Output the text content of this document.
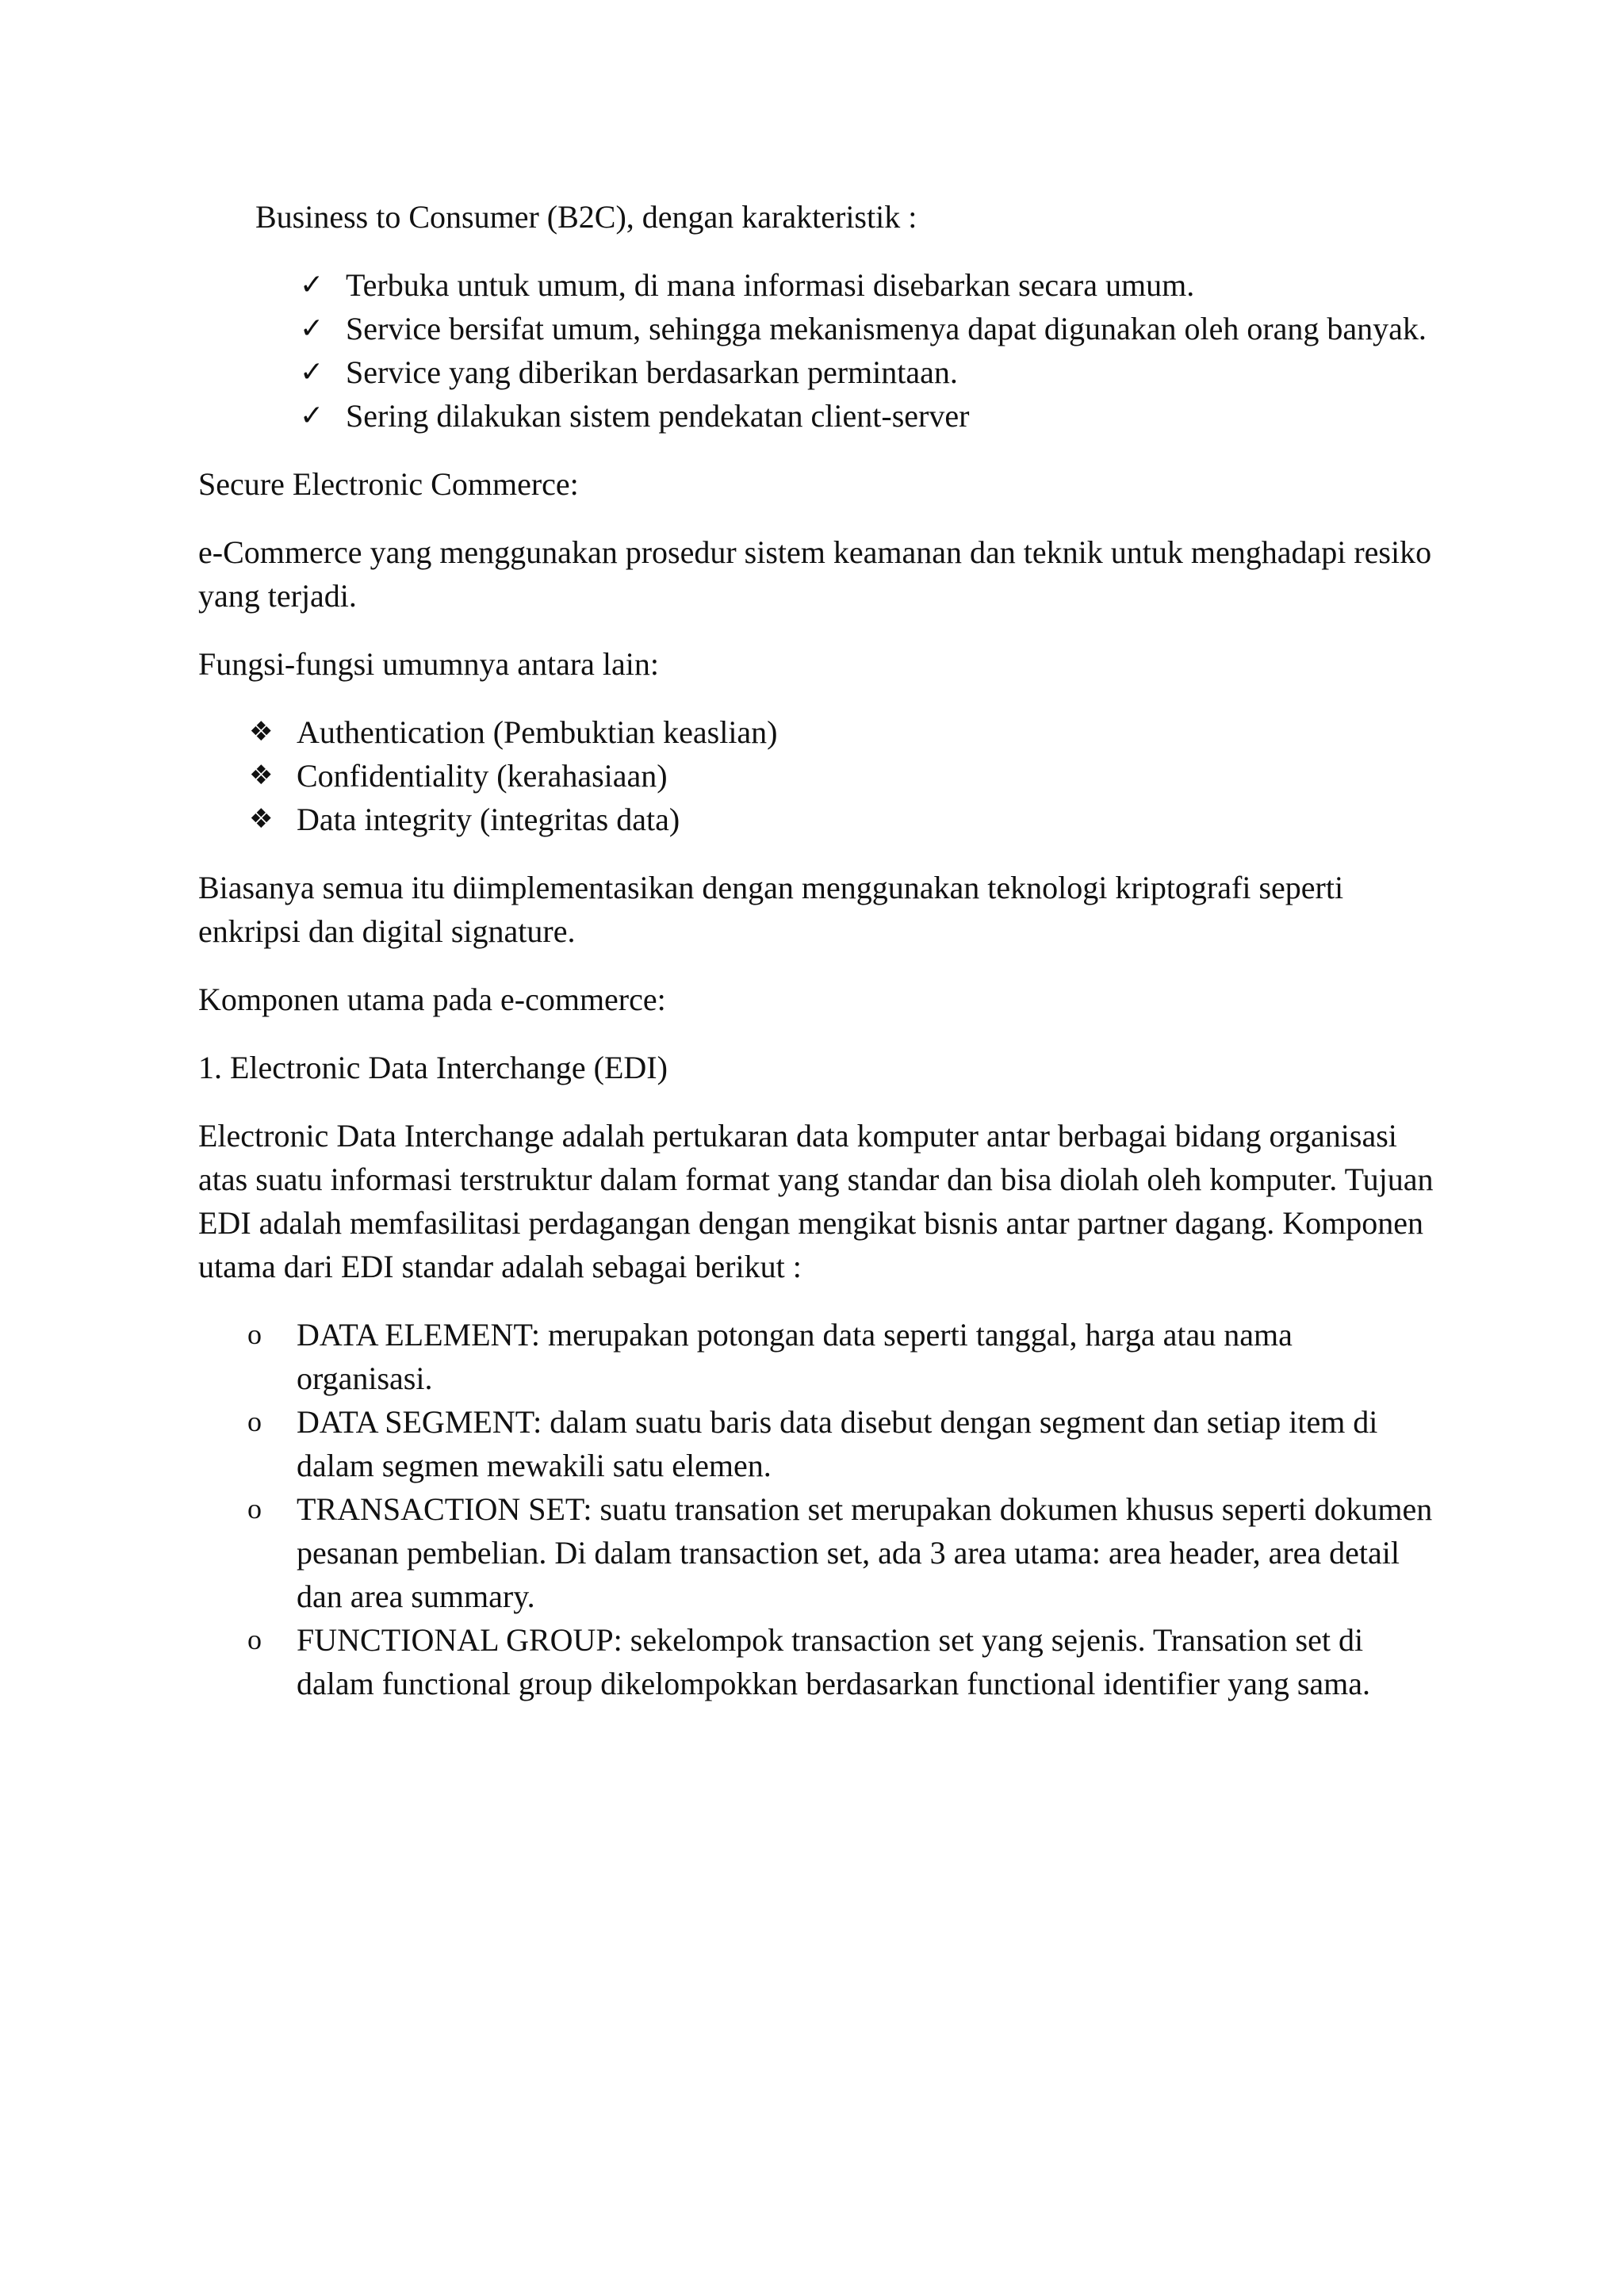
Business to Consumer (B2C), dengan karakteristik :

✓ Terbuka untuk umum, di mana informasi disebarkan secara umum.
✓ Service bersifat umum, sehingga mekanismenya dapat digunakan oleh orang banyak.
✓ Service yang diberikan berdasarkan permintaan.
✓ Sering dilakukan sistem pendekatan client-server

Secure Electronic Commerce:

e-Commerce yang menggunakan prosedur sistem keamanan dan teknik untuk menghadapi resiko yang terjadi.

Fungsi-fungsi umumnya antara lain:

❖ Authentication (Pembuktian keaslian)
❖ Confidentiality (kerahasiaan)
❖ Data integrity (integritas data)

Biasanya semua itu diimplementasikan dengan menggunakan teknologi kriptografi seperti enkripsi dan digital signature.

Komponen utama pada e-commerce:

1. Electronic Data Interchange (EDI)

Electronic Data Interchange adalah pertukaran data komputer antar berbagai bidang organisasi atas suatu informasi terstruktur dalam format yang standar dan bisa diolah oleh komputer. Tujuan EDI adalah memfasilitasi perdagangan dengan mengikat bisnis antar partner dagang. Komponen utama dari EDI standar adalah sebagai berikut :

o	DATA ELEMENT: merupakan potongan data seperti tanggal, harga atau nama organisasi.
o	DATA SEGMENT: dalam suatu baris data disebut dengan segment dan setiap item di dalam segmen mewakili satu elemen.
o	TRANSACTION SET: suatu transation set merupakan dokumen khusus seperti dokumen pesanan pembelian. Di dalam transaction set, ada 3 area utama: area header, area detail dan area summary.
o	FUNCTIONAL GROUP: sekelompok transaction set yang sejenis. Transation set di dalam functional group dikelompokkan berdasarkan functional identifier yang sama.
